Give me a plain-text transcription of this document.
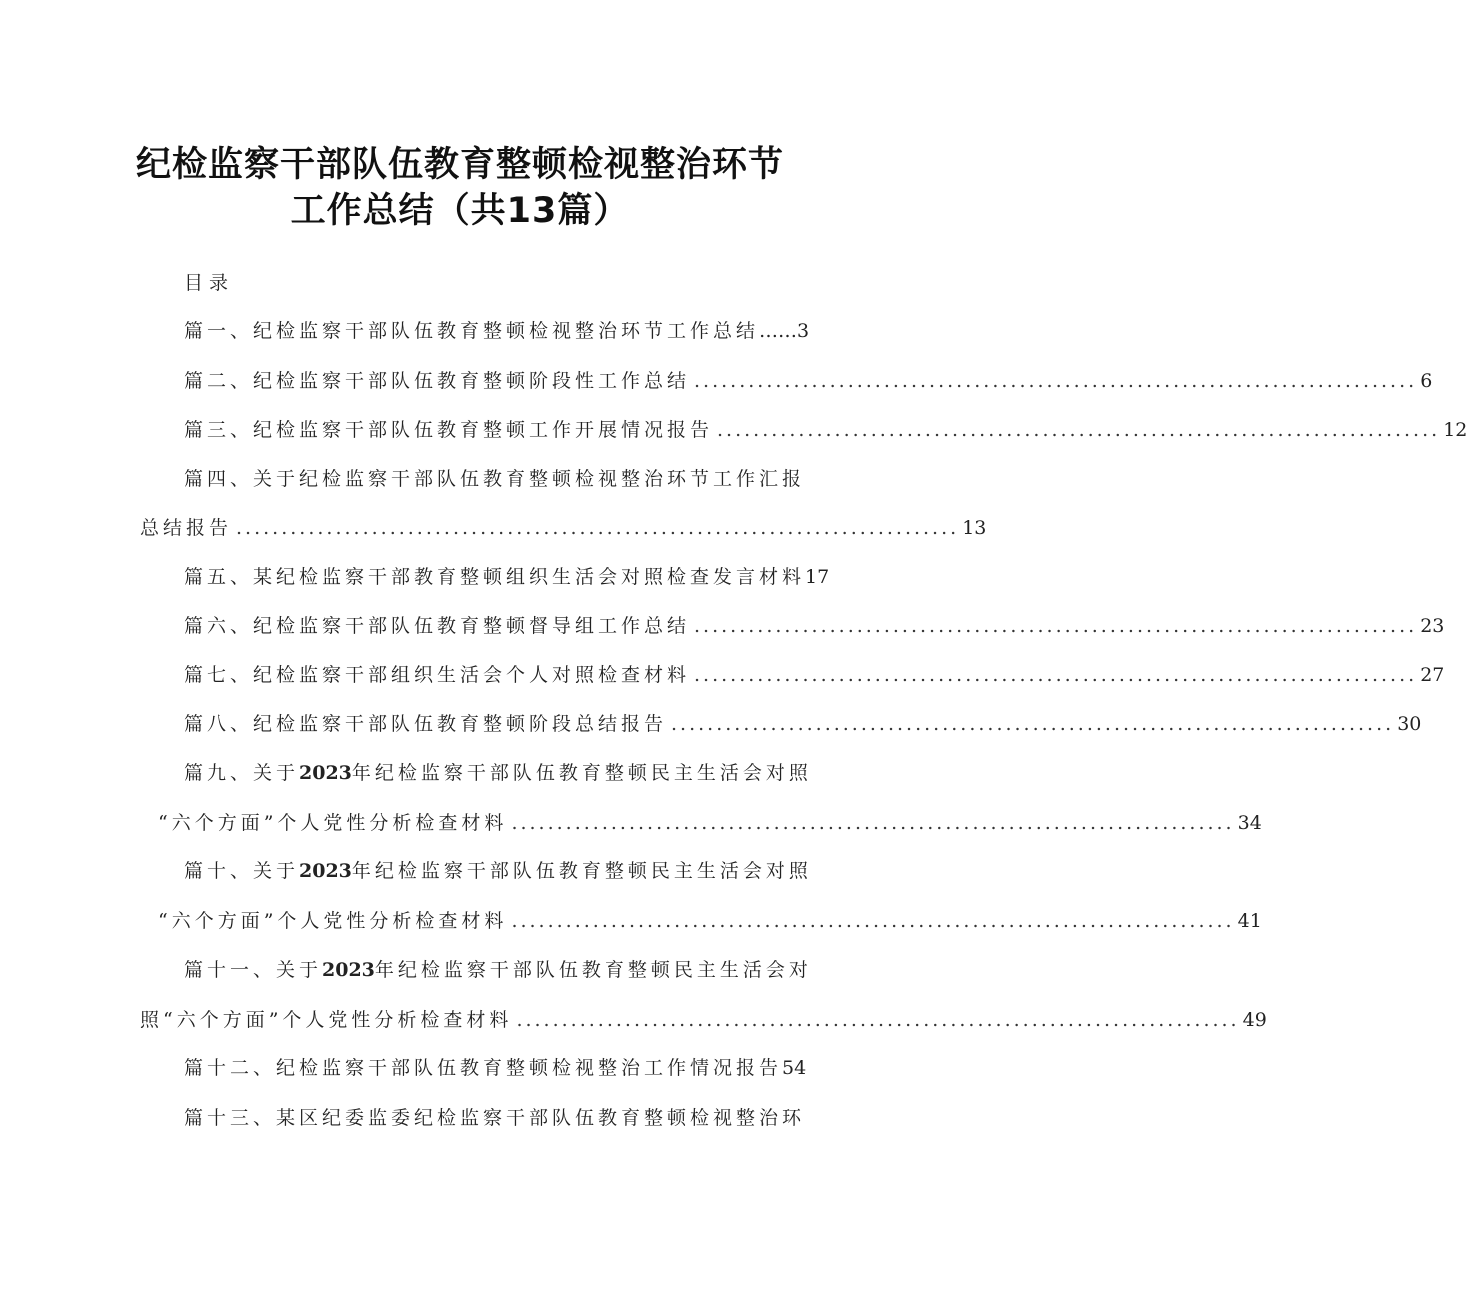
纪检监察干部队伍教育整顿检视整治环节
工作总结（共13篇）
目录
篇一、纪检监察干部队伍教育整顿检视整治环节工作总结……3
篇二、纪检监察干部队伍教育整顿阶段性工作总结 ................................................................................ 6
篇三、纪检监察干部队伍教育整顿工作开展情况报告 ................................................................................ 12
篇四、关于纪检监察干部队伍教育整顿检视整治环节工作汇报
总结报告 ................................................................................ 13
篇五、某纪检监察干部教育整顿组织生活会对照检查发言材料17
篇六、纪检监察干部队伍教育整顿督导组工作总结 ................................................................................ 23
篇七、纪检监察干部组织生活会个人对照检查材料 ................................................................................ 27
篇八、纪检监察干部队伍教育整顿阶段总结报告 ................................................................................ 30
篇九、关于2023年纪检监察干部队伍教育整顿民主生活会对照
“六个方面”个人党性分析检查材料 ................................................................................ 34
篇十、关于2023年纪检监察干部队伍教育整顿民主生活会对照
“六个方面”个人党性分析检查材料 ................................................................................ 41
篇十一、关于2023年纪检监察干部队伍教育整顿民主生活会对
照“六个方面”个人党性分析检查材料 ................................................................................ 49
篇十二、纪检监察干部队伍教育整顿检视整治工作情况报告54
篇十三、某区纪委监委纪检监察干部队伍教育整顿检视整治环
